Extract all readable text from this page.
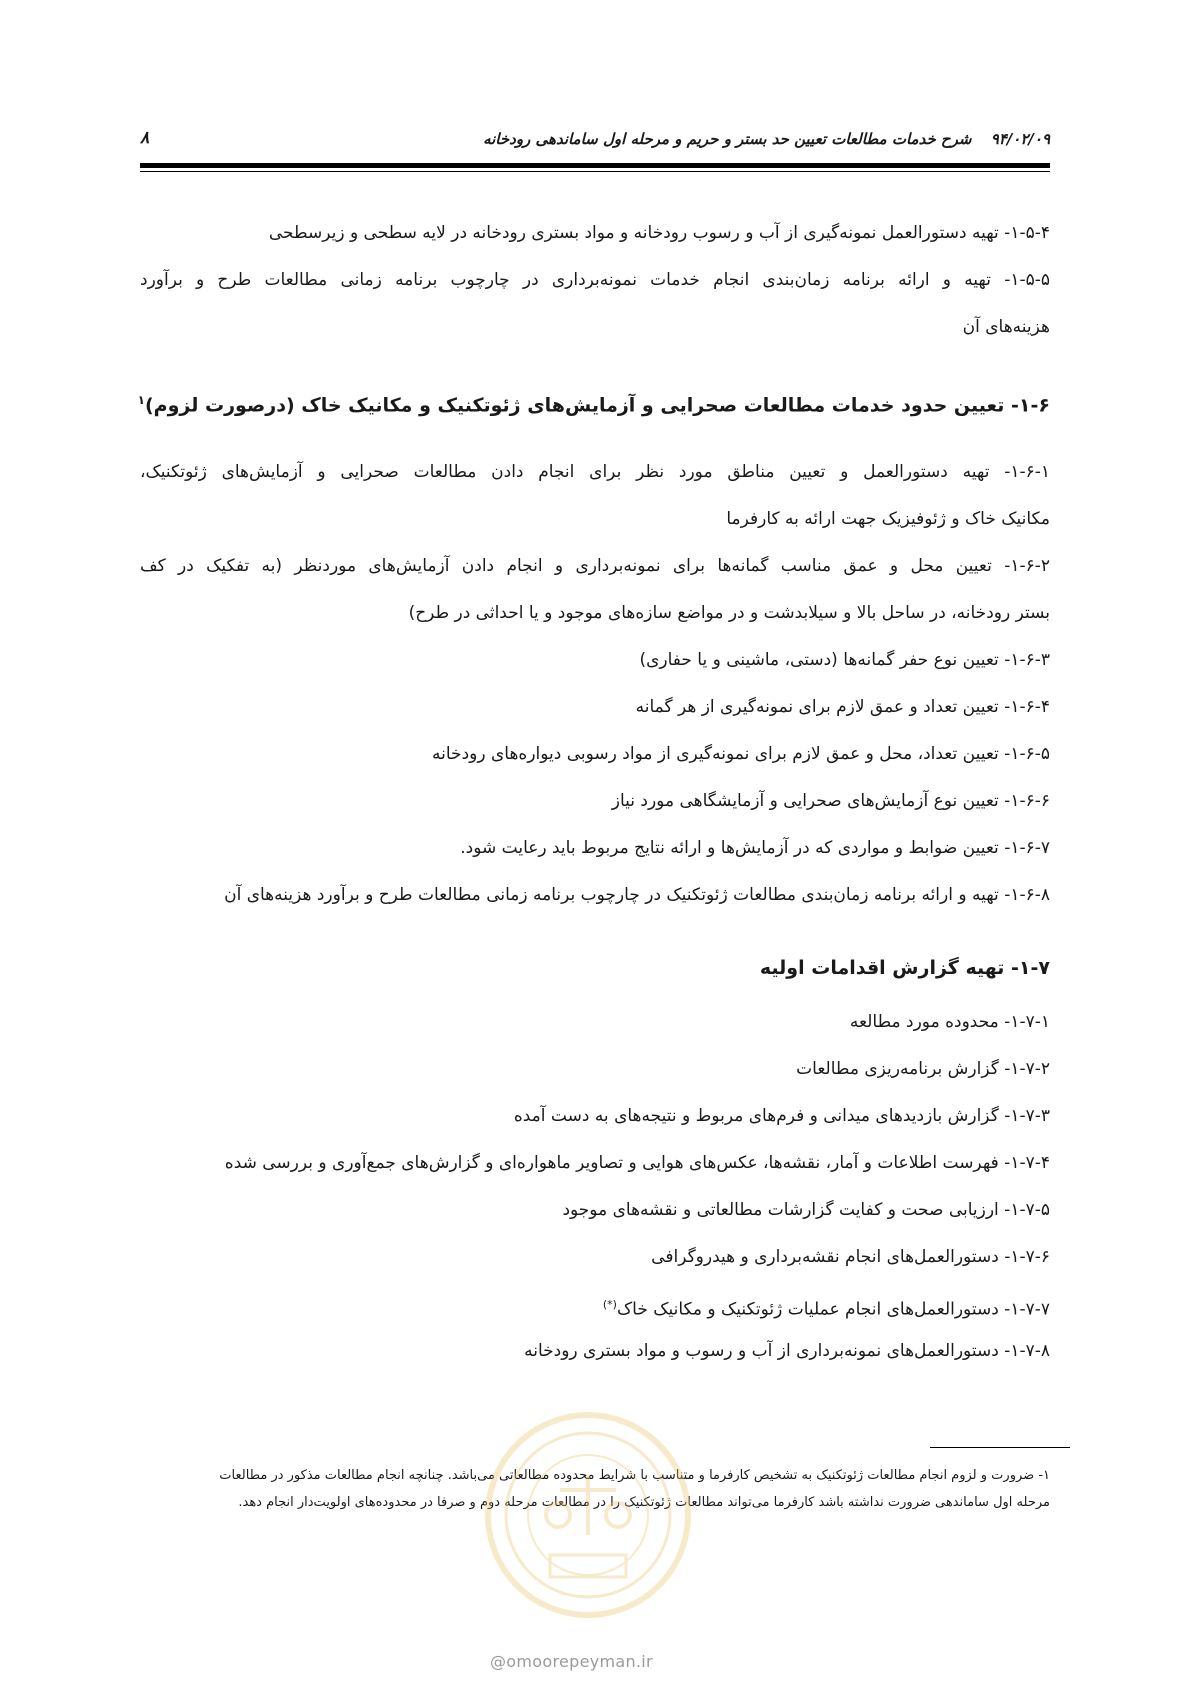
۹۴/۰۲/۰۹ شرح خدمات مطالعات تعیین حد بستر و حریم و مرحله اول ساماندهی رودخانه
۸
۱-۵-۴- تهیه دستورالعمل نمونه‌گیری از آب و رسوب رودخانه و مواد بستری رودخانه در لایه سطحی و زیرسطحی
۱-۵-۵- تهیه و ارائه برنامه زمان‌بندی انجام خدمات نمونه‌برداری در چارچوب برنامه زمانی مطالعات طرح و برآورد
هزینه‌های آن
۱-۶- تعیین حدود خدمات مطالعات صحرایی و آزمایش‌های ژئوتکنیک و مکانیک خاک (درصورت لزوم)$^۱$
۱-۶-۱- تهیه دستورالعمل و تعیین مناطق مورد نظر برای انجام دادن مطالعات صحرایی و آزمایش‌های ژئوتکنیک،
مکانیک خاک و ژئوفیزیک جهت ارائه به کارفرما
۱-۶-۲- تعیین محل و عمق مناسب گمانه‌ها برای نمونه‌برداری و انجام دادن آزمایش‌های موردنظر (به تفکیک در کف
بستر رودخانه، در ساحل بالا و سیلابدشت و در مواضع سازه‌های موجود و یا احداثی در طرح)
۱-۶-۳- تعیین نوع حفر گمانه‌ها (دستی، ماشینی و یا حفاری)
۱-۶-۴- تعیین تعداد و عمق لازم برای نمونه‌گیری از هر گمانه
۱-۶-۵- تعیین تعداد، محل و عمق لازم برای نمونه‌گیری از مواد رسوبی دیواره‌های رودخانه
۱-۶-۶- تعیین نوع آزمایش‌های صحرایی و آزمایشگاهی مورد نیاز
۱-۶-۷- تعیین ضوابط و مواردی که در آزمایش‌ها و ارائه نتایج مربوط باید رعایت شود.
۱-۶-۸- تهیه و ارائه برنامه زمان‌بندی مطالعات ژئوتکنیک در چارچوب برنامه زمانی مطالعات طرح و برآورد هزینه‌های آن
۱-۷- تهیه گزارش اقدامات اولیه
۱-۷-۱- محدوده مورد مطالعه
۱-۷-۲- گزارش برنامه‌ریزی مطالعات
۱-۷-۳- گزارش بازدیدهای میدانی و فرم‌های مربوط و نتیجه‌های به دست آمده
۱-۷-۴- فهرست اطلاعات و آمار، نقشه‌ها، عکس‌های هوایی و تصاویر ماهواره‌ای و گزارش‌های جمع‌آوری و بررسی شده
۱-۷-۵- ارزیابی صحت و کفایت گزارشات مطالعاتی و نقشه‌های موجود
۱-۷-۶- دستورالعمل‌های انجام نقشه‌برداری و هیدروگرافی
۱-۷-۷- دستورالعمل‌های انجام عملیات ژئوتکنیک و مکانیک خاک(*)
۱-۷-۸- دستورالعمل‌های نمونه‌برداری از آب و رسوب و مواد بستری رودخانه
۱- ضرورت و لزوم انجام مطالعات ژئوتکنیک به تشخیص کارفرما و متناسب با شرایط محدوده مطالعاتی می‌باشد. چنانچه انجام مطالعات مذکور در مطالعات
مرحله اول ساماندهی ضرورت نداشته باشد کارفرما می‌تواند مطالعات ژئوتکنیک را در مطالعات مرحله دوم و صرفا در محدوده‌های اولویت‌دار انجام دهد.
@omoorepeyman.ir
